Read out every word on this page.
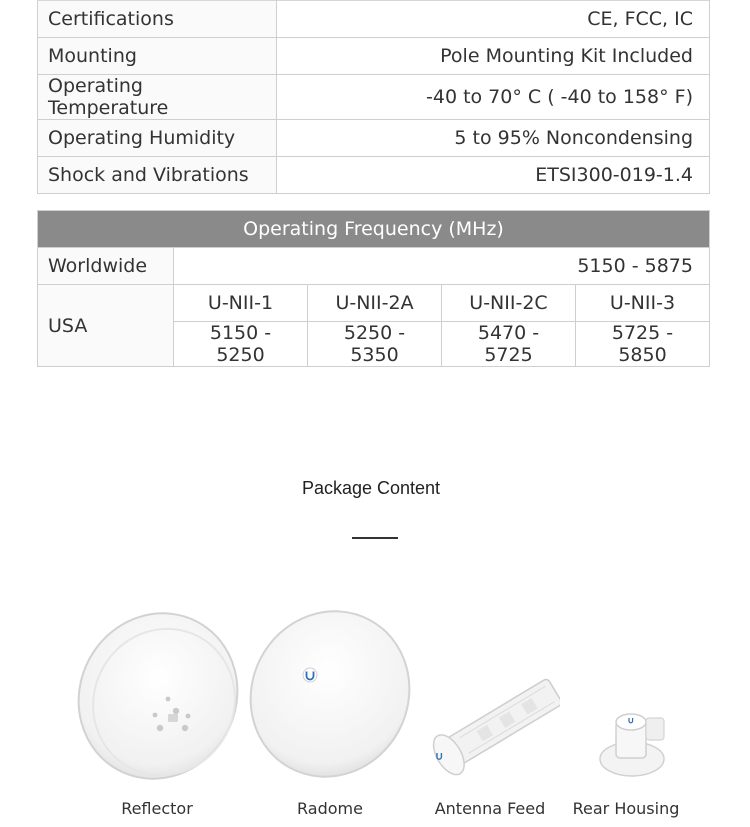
Certifications	CE, FCC, IC
Mounting	Pole Mounting Kit Included
Operating Temperature	-40 to 70° C ( -40 to 158° F)
Operating Humidity	5 to 95% Noncondensing
Shock and Vibrations	ETSI300-019-1.4
Operating Frequency (MHz)				
Worldwide	5150 - 5875			
USA	U-NII-1	U-NII-2A	U-NII-2C	U-NII-3
	5150 - 5250	5250 - 5350	5470 - 5725	5725 - 5850
Package Content
Reflector	Radome	Antenna Feed	Rear Housing
